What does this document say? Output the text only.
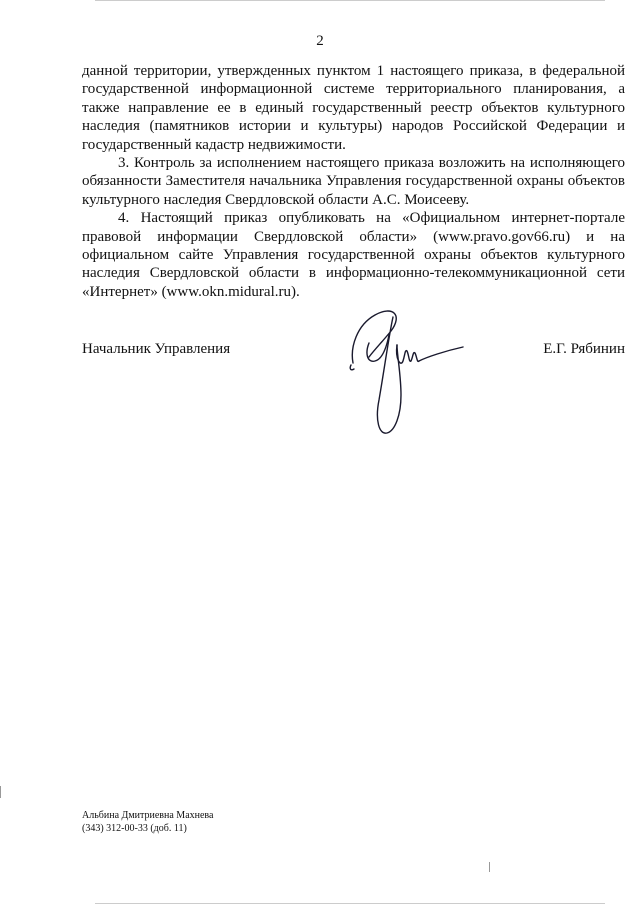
2

данной территории, утвержденных пунктом 1 настоящего приказа, в федеральной государственной информационной системе территориального планирования, а также направление ее в единый государственный реестр объектов культурного наследия (памятников истории и культуры) народов Российской Федерации и государственный кадастр недвижимости.

3. Контроль за исполнением настоящего приказа возложить на исполняющего обязанности Заместителя начальника Управления государственной охраны объектов культурного наследия Свердловской области А.С. Моисееву.

4. Настоящий приказ опубликовать на «Официальном интернет-портале правовой информации Свердловской области» (www.pravo.gov66.ru) и на официальном сайте Управления государственной охраны объектов культурного наследия Свердловской области в информационно-телекоммуникационной сети «Интернет» (www.okn.midural.ru).

Начальник Управления	Е.Г. Рябинин
Альбина Дмитриевна Махнева
(343) 312-00-33 (доб. 11)
